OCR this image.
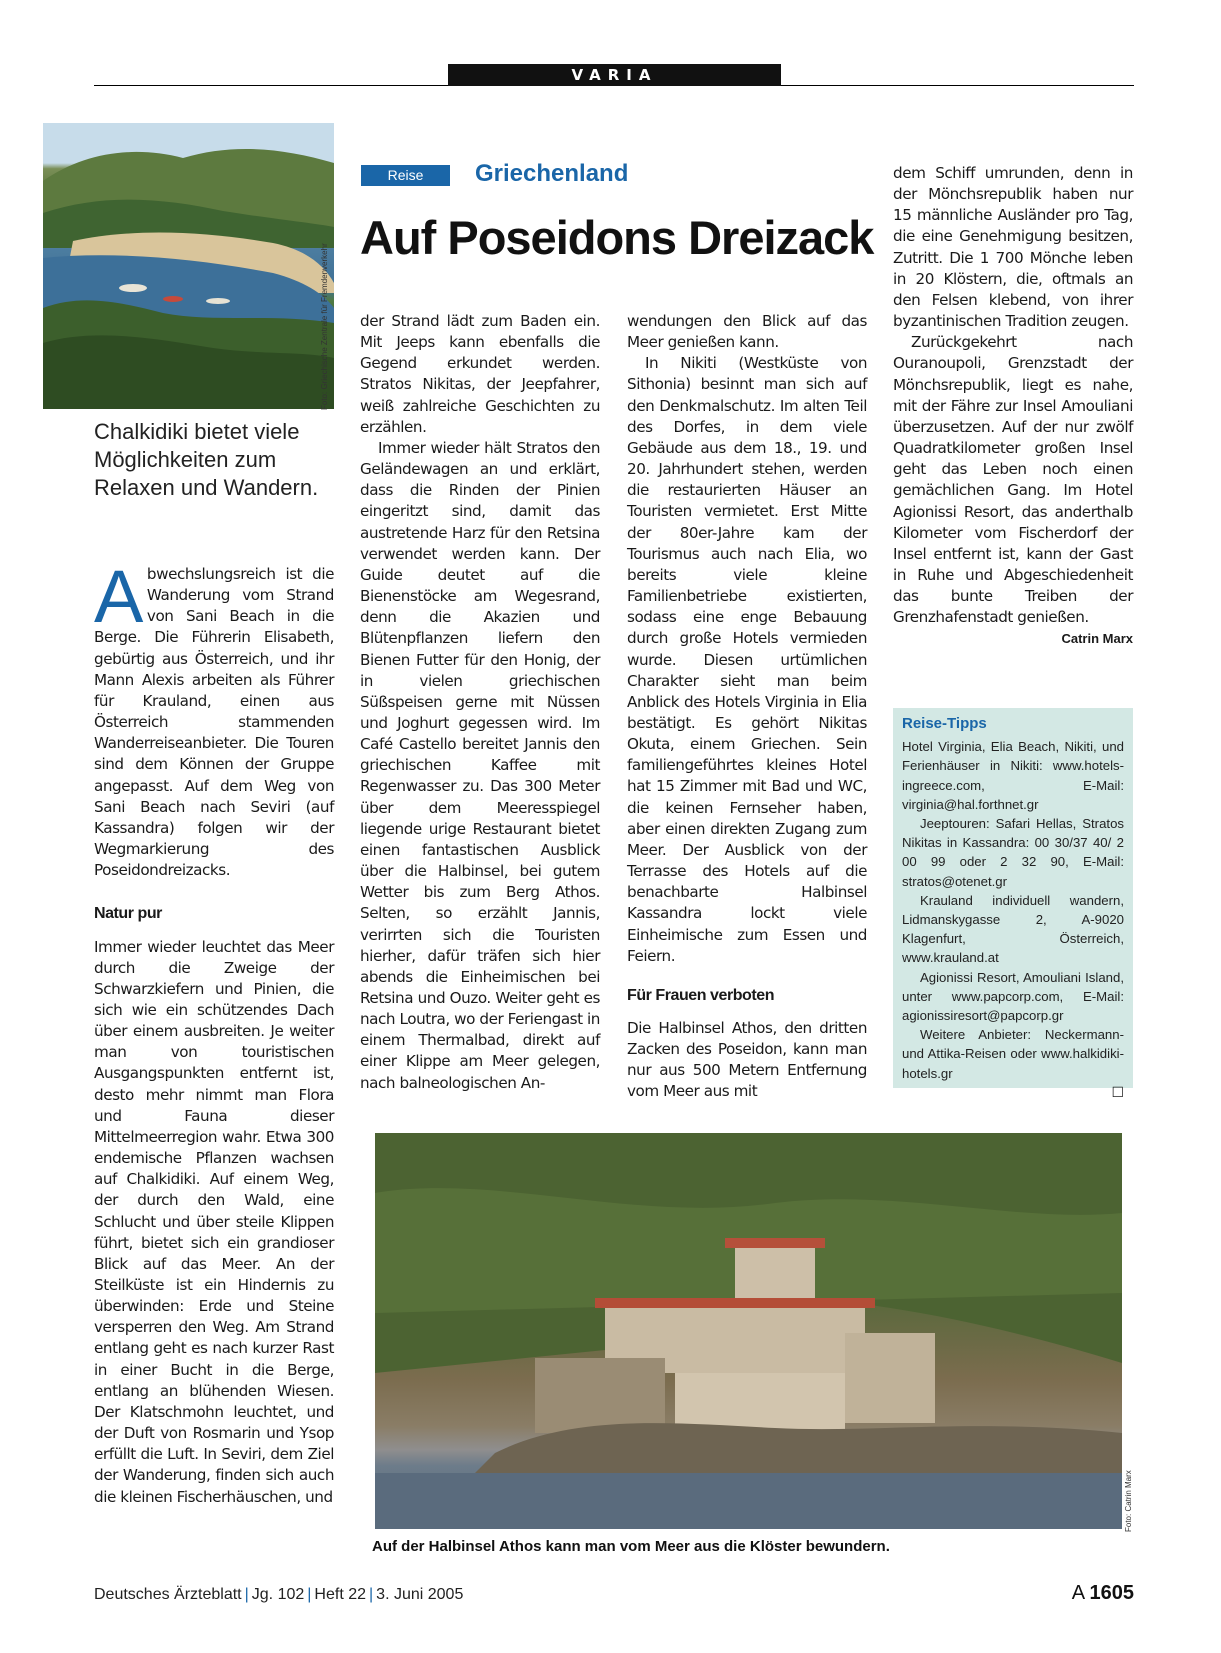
VARIA
Foto: Griechische Zentrale für Fremdenverkehr
Chalkidiki bietet viele Möglichkeiten zum Relaxen und Wandern.
Reise	Griechenland
Auf Poseidons Dreizack

Abwechslungsreich ist die Wanderung vom Strand von Sani Beach in die Berge. Die Führerin Elisabeth, gebürtig aus Österreich, und ihr Mann Alexis arbeiten als Führer für Krauland, einen aus Österreich stammenden Wanderreiseanbieter. Die Touren sind dem Können der Gruppe angepasst. Auf dem Weg von Sani Beach nach Seviri (auf Kassandra) folgen wir der Wegmarkierung des Poseidondreizacks.

Natur pur

Immer wieder leuchtet das Meer durch die Zweige der Schwarzkiefern und Pinien, die sich wie ein schützendes Dach über einem ausbreiten. Je weiter man von touristischen Ausgangspunkten entfernt ist, desto mehr nimmt man Flora und Fauna dieser Mittelmeerregion wahr. Etwa 300 endemische Pflanzen wachsen auf Chalkidiki. Auf einem Weg, der durch den Wald, eine Schlucht und über steile Klippen führt, bietet sich ein grandioser Blick auf das Meer. An der Steilküste ist ein Hindernis zu überwinden: Erde und Steine versperren den Weg. Am Strand entlang geht es nach kurzer Rast in einer Bucht in die Berge, entlang an blühenden Wiesen. Der Klatschmohn leuchtet, und der Duft von Rosmarin und Ysop erfüllt die Luft. In Seviri, dem Ziel der Wanderung, finden sich auch die kleinen Fischerhäuschen, und

der Strand lädt zum Baden ein. Mit Jeeps kann ebenfalls die Gegend erkundet werden. Stratos Nikitas, der Jeepfahrer, weiß zahlreiche Geschichten zu erzählen.

Immer wieder hält Stratos den Geländewagen an und erklärt, dass die Rinden der Pinien eingeritzt sind, damit das austretende Harz für den Retsina verwendet werden kann. Der Guide deutet auf die Bienenstöcke am Wegesrand, denn die Akazien und Blütenpflanzen liefern den Bienen Futter für den Honig, der in vielen griechischen Süßspeisen gerne mit Nüssen und Joghurt gegessen wird. Im Café Castello bereitet Jannis den griechischen Kaffee mit Regenwasser zu. Das 300 Meter über dem Meeresspiegel liegende urige Restaurant bietet einen fantastischen Ausblick über die Halbinsel, bei gutem Wetter bis zum Berg Athos. Selten, so erzählt Jannis, verirrten sich die Touristen hierher, dafür träfen sich hier abends die Einheimischen bei Retsina und Ouzo. Weiter geht es nach Loutra, wo der Feriengast in einem Thermalbad, direkt auf einer Klippe am Meer gelegen, nach balneologischen An-

wendungen den Blick auf das Meer genießen kann.

In Nikiti (Westküste von Sithonia) besinnt man sich auf den Denkmalschutz. Im alten Teil des Dorfes, in dem viele Gebäude aus dem 18., 19. und 20. Jahrhundert stehen, werden die restaurierten Häuser an Touristen vermietet. Erst Mitte der 80er-Jahre kam der Tourismus auch nach Elia, wo bereits viele kleine Familienbetriebe existierten, sodass eine enge Bebauung durch große Hotels vermieden wurde. Diesen urtümlichen Charakter sieht man beim Anblick des Hotels Virginia in Elia bestätigt. Es gehört Nikitas Okuta, einem Griechen. Sein familiengeführtes kleines Hotel hat 15 Zimmer mit Bad und WC, die keinen Fernseher haben, aber einen direkten Zugang zum Meer. Der Ausblick von der Terrasse des Hotels auf die benachbarte Halbinsel Kassandra lockt viele Einheimische zum Essen und Feiern.

Für Frauen verboten

Die Halbinsel Athos, den dritten Zacken des Poseidon, kann man nur aus 500 Metern Entfernung vom Meer aus mit

dem Schiff umrunden, denn in der Mönchsrepublik haben nur 15 männliche Ausländer pro Tag, die eine Genehmigung besitzen, Zutritt. Die 1 700 Mönche leben in 20 Klöstern, die, oftmals an den Felsen klebend, von ihrer byzantinischen Tradition zeugen.

Zurückgekehrt nach Ouranoupoli, Grenzstadt der Mönchsrepublik, liegt es nahe, mit der Fähre zur Insel Amouliani überzusetzen. Auf der nur zwölf Quadratkilometer großen Insel geht das Leben noch einen gemächlichen Gang. Im Hotel Agionissi Resort, das anderthalb Kilometer vom Fischerdorf der Insel entfernt ist, kann der Gast in Ruhe und Abgeschiedenheit das bunte Treiben der Grenzhafenstadt genießen.
Catrin Marx

Reise-Tipps

Hotel Virginia, Elia Beach, Nikiti, und Ferienhäuser in Nikiti: www.hotels-ingreece.com, E-Mail: virginia@hal.forthnet.gr

Jeeptouren: Safari Hellas, Stratos Nikitas in Kassandra: 00 30/37 40/ 2 00 99 oder 2 32 90, E-Mail: stratos@otenet.gr

Krauland individuell wandern, Lidmanskygasse 2, A-9020 Klagenfurt, Österreich, www.krauland.at

Agionissi Resort, Amouliani Island, unter www.papcorp.com, E-Mail: agionissiresort@papcorp.gr

Weitere Anbieter: Neckermann- und Attika-Reisen oder www.halkidiki-hotels.gr

☐
Foto: Catrin Marx
Auf der Halbinsel Athos kann man vom Meer aus die Klöster bewundern.
Deutsches Ärzteblatt | Jg. 102 | Heft 22 | 3. Juni 2005	A 1605
